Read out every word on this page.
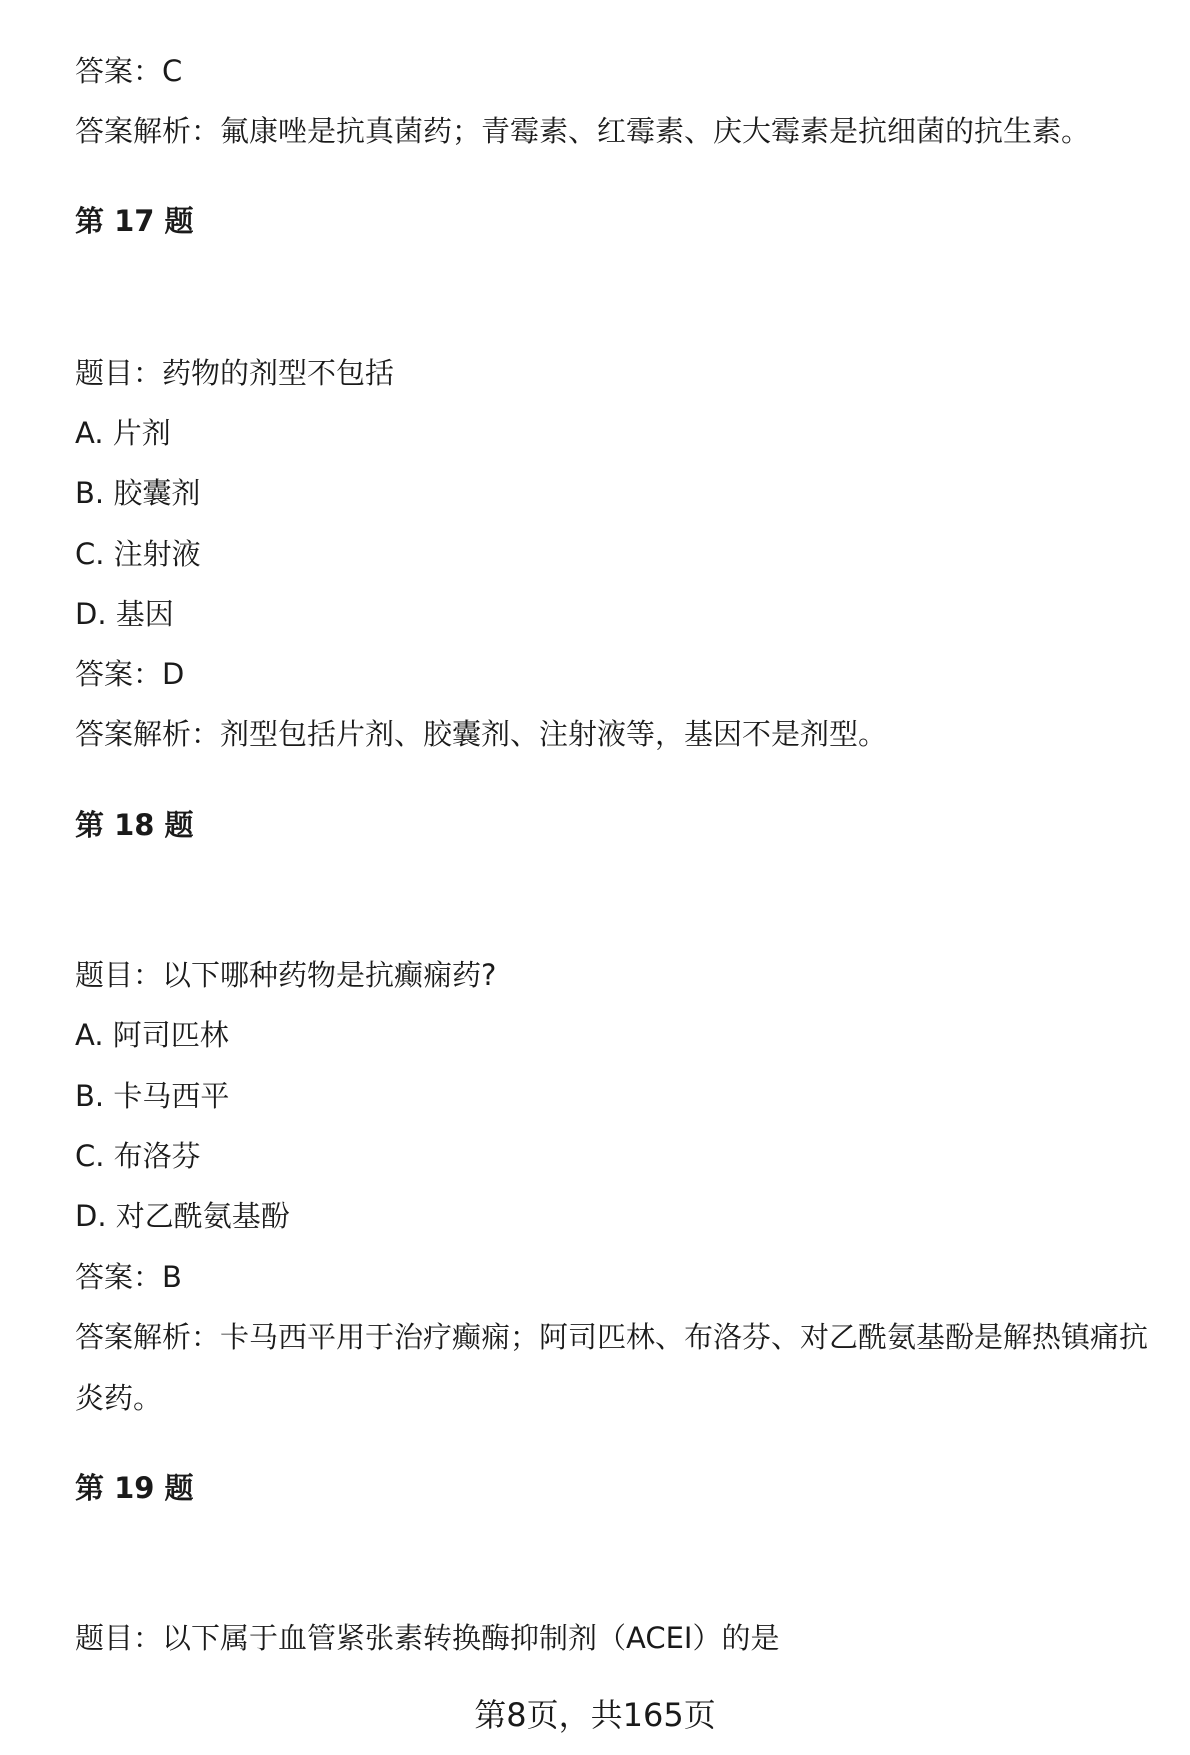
答案：C

答案解析：氟康唑是抗真菌药；青霉素、红霉素、庆大霉素是抗细菌的抗生素。

第 17 题

题目：药物的剂型不包括

A. 片剂

B. 胶囊剂

C. 注射液

D. 基因

答案：D

答案解析：剂型包括片剂、胶囊剂、注射液等，基因不是剂型。

第 18 题

题目：以下哪种药物是抗癫痫药?

A. 阿司匹林

B. 卡马西平

C. 布洛芬

D. 对乙酰氨基酚

答案：B

答案解析：卡马西平用于治疗癫痫；阿司匹林、布洛芬、对乙酰氨基酚是解热镇痛抗炎药。

第 19 题

题目：以下属于血管紧张素转换酶抑制剂（ACEI）的是

第8页，共165页
